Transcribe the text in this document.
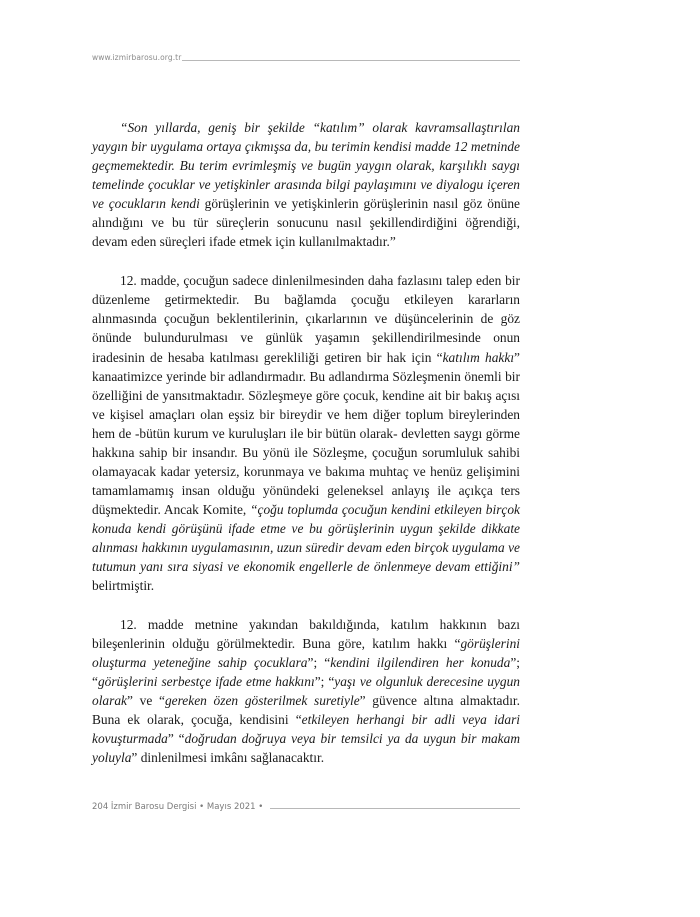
www.izmirbarosu.org.tr

“Son yıllarda, geniş bir şekilde “katılım” olarak kavramsallaştırılan yaygın bir uygulama ortaya çıkmışsa da, bu terimin kendisi madde 12 metninde geçmemektedir. Bu terim evrimleşmiş ve bugün yaygın olarak, karşılıklı saygı temelinde çocuklar ve yetişkinler arasında bilgi paylaşımını ve diyalogu içeren ve çocukların kendi görüşlerinin ve yetişkinlerin görüşlerinin nasıl göz önüne alındığını ve bu tür süreçlerin sonucunu nasıl şekillendirdiğini öğrendiği, devam eden süreçleri ifade etmek için kullanılmaktadır.”

12. madde, çocuğun sadece dinlenilmesinden daha fazlasını talep eden bir düzenleme getirmektedir. Bu bağlamda çocuğu etkileyen kararların alınmasında çocuğun beklentilerinin, çıkarlarının ve düşüncelerinin de göz önünde bulundurulması ve günlük yaşamın şekillendirilmesinde onun iradesinin de hesaba katılması gerekliliği getiren bir hak için “katılım hakkı” kanaatimizce yerinde bir adlandırmadır. Bu adlandırma Sözleşmenin önemli bir özelliğini de yansıtmaktadır. Sözleşmeye göre çocuk, kendine ait bir bakış açısı ve kişisel amaçları olan eşsiz bir bireydir ve hem diğer toplum bireylerinden hem de -bütün kurum ve kuruluşları ile bir bütün olarak- devletten saygı görme hakkına sahip bir insandır. Bu yönü ile Sözleşme, çocuğun sorumluluk sahibi olamayacak kadar yetersiz, korunmaya ve bakıma muhtaç ve henüz gelişimini tamamlamamış insan olduğu yönündeki geleneksel anlayış ile açıkça ters düşmektedir. Ancak Komite, “çoğu toplumda çocuğun kendini etkileyen birçok konuda kendi görüşünü ifade etme ve bu görüşlerinin uygun şekilde dikkate alınması hakkının uygulamasının, uzun süredir devam eden birçok uygulama ve tutumun yanı sıra siyasi ve ekonomik engellerle de önlenmeye devam ettiğini” belirtmiştir.

12. madde metnine yakından bakıldığında, katılım hakkının bazı bileşenlerinin olduğu görülmektedir. Buna göre, katılım hakkı “görüşlerini oluşturma yeteneğine sahip çocuklara”; “kendini ilgilendiren her konuda”; “görüşlerini serbestçe ifade etme hakkını”; “yaşı ve olgunluk derecesine uygun olarak” ve “gereken özen gösterilmek suretiyle” güvence altına almaktadır. Buna ek olarak, çocuğa, kendisini “etkileyen herhangi bir adli veya idari kovuşturmada” “doğrudan doğruya veya bir temsilci ya da uygun bir makam yoluyla” dinlenilmesi imkânı sağlanacaktır.

204 İzmir Barosu Dergisi • Mayıs 2021 •
